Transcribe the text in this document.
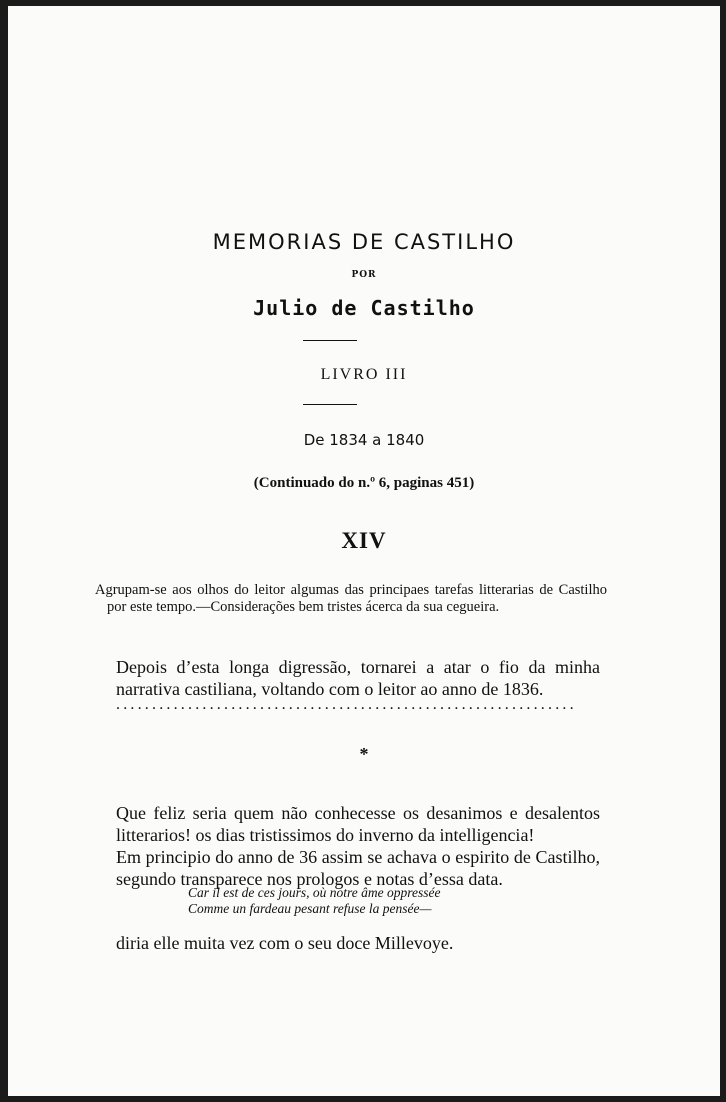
MEMORIAS DE CASTILHO

POR

Julio de Castilho

LIVRO III

De 1834 a 1840

(Continuado do n.º 6, paginas 451)

XIV

Agrupam-se aos olhos do leitor algumas das principaes tarefas litterarias de Castilho por este tempo.—Considerações bem tristes ácerca da sua cegueira.

Depois d’esta longa digressão, tornarei a atar o fio da minha narrativa castiliana, voltando com o leitor ao anno de 1836.

................................................................

*

Que feliz seria quem não conhecesse os desanimos e desalentos litterarios! os dias tristissimos do inverno da intelligencia!
Em principio do anno de 36 assim se achava o espirito de Castilho, segundo transparece nos prologos e notas d’essa data.
Car il est de ces jours, où notre âme oppressée
Comme un fardeau pesant refuse la pensée—

diria elle muita vez com o seu doce Millevoye.
